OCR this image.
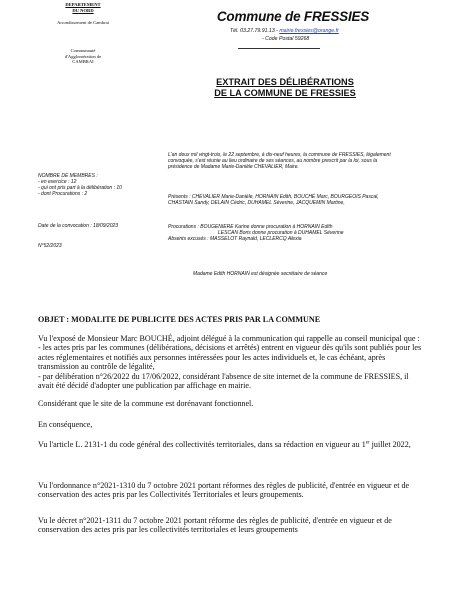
DEPARTEMENT
DU NORD
Arrondissement de Cambrai
Communauté
d'Agglomération de
CAMBRAI
Commune de FRESSIES
Tél. 03.27.79.91.13 - mairie.fressies@orange.fr
- Code Postal 59268
EXTRAIT DES DÉLIBÉRATIONS
DE LA COMMUNE DE FRESSIES
L'an deux mil vingt-trois, le 22 septembre, à dix-neuf heures, la commune de FRESSIES, légalement convoquée, s'est réunie au lieu ordinaire de ses séances, au nombre prescrit par la loi, sous la présidence de Madame Marie-Danièle CHEVALIER, Maire.
NOMBRE DE MEMBRES :
- en exercice : 12
- qui ont pris part à la délibération : 10
- dont Procurations : 2	Présents : CHEVALIER Marie-Danièle, HORNAIN Edith, BOUCHÉ Marc, BOURGEOIS Pascal, CHASTAIN Sandy, DELAIN Cédric, DUHAMEL Séverine, JACQUEMIN Martine,
Date de la convocation : 18/09/2023	Procurations : BOUGENIERE Karine donne procuration à HORNAIN Edith
LESCAN Boris donne procuration à DUHAMEL Séverine
Absents excusés : MASSELOT Raynald, LECLERCQ Alexia
N°52/2023
Madame Edith HORNAIN est désignée secrétaire de séance
OBJET : MODALITE DE PUBLICITE DES ACTES PRIS PAR LA COMMUNE
Vu l'exposé de Monsieur Marc BOUCHÉ, adjoint délégué à la communication qui rappelle au conseil municipal que :
- les actes pris par les communes (délibérations, décisions et arrêtés) entrent en vigueur dès qu'ils sont publiés pour les actes réglementaires et notifiés aux personnes intéressées pour les actes individuels et, le cas échéant, après transmission au contrôle de légalité,
- par délibération n°26/2022 du 17/06/2022, considérant l'absence de site internet de la commune de FRESSIES, il avait été décidé d'adopter une publication par affichage en mairie.
Considérant que le site de la commune est dorénavant fonctionnel.
En conséquence,
Vu l'article L. 2131-1 du code général des collectivités territoriales, dans sa rédaction en vigueur au 1er juillet 2022,
Vu l'ordonnance n°2021-1310 du 7 octobre 2021 portant réformes des règles de publicité, d'entrée en vigueur et de conservation des actes pris par les Collectivités Territoriales et leurs groupements.
Vu le décret n°2021-1311 du 7 octobre 2021 portant réforme des règles de publicité, d'entrée en vigueur et de conservation des actes pris par les collectivités territoriales et leurs groupements
